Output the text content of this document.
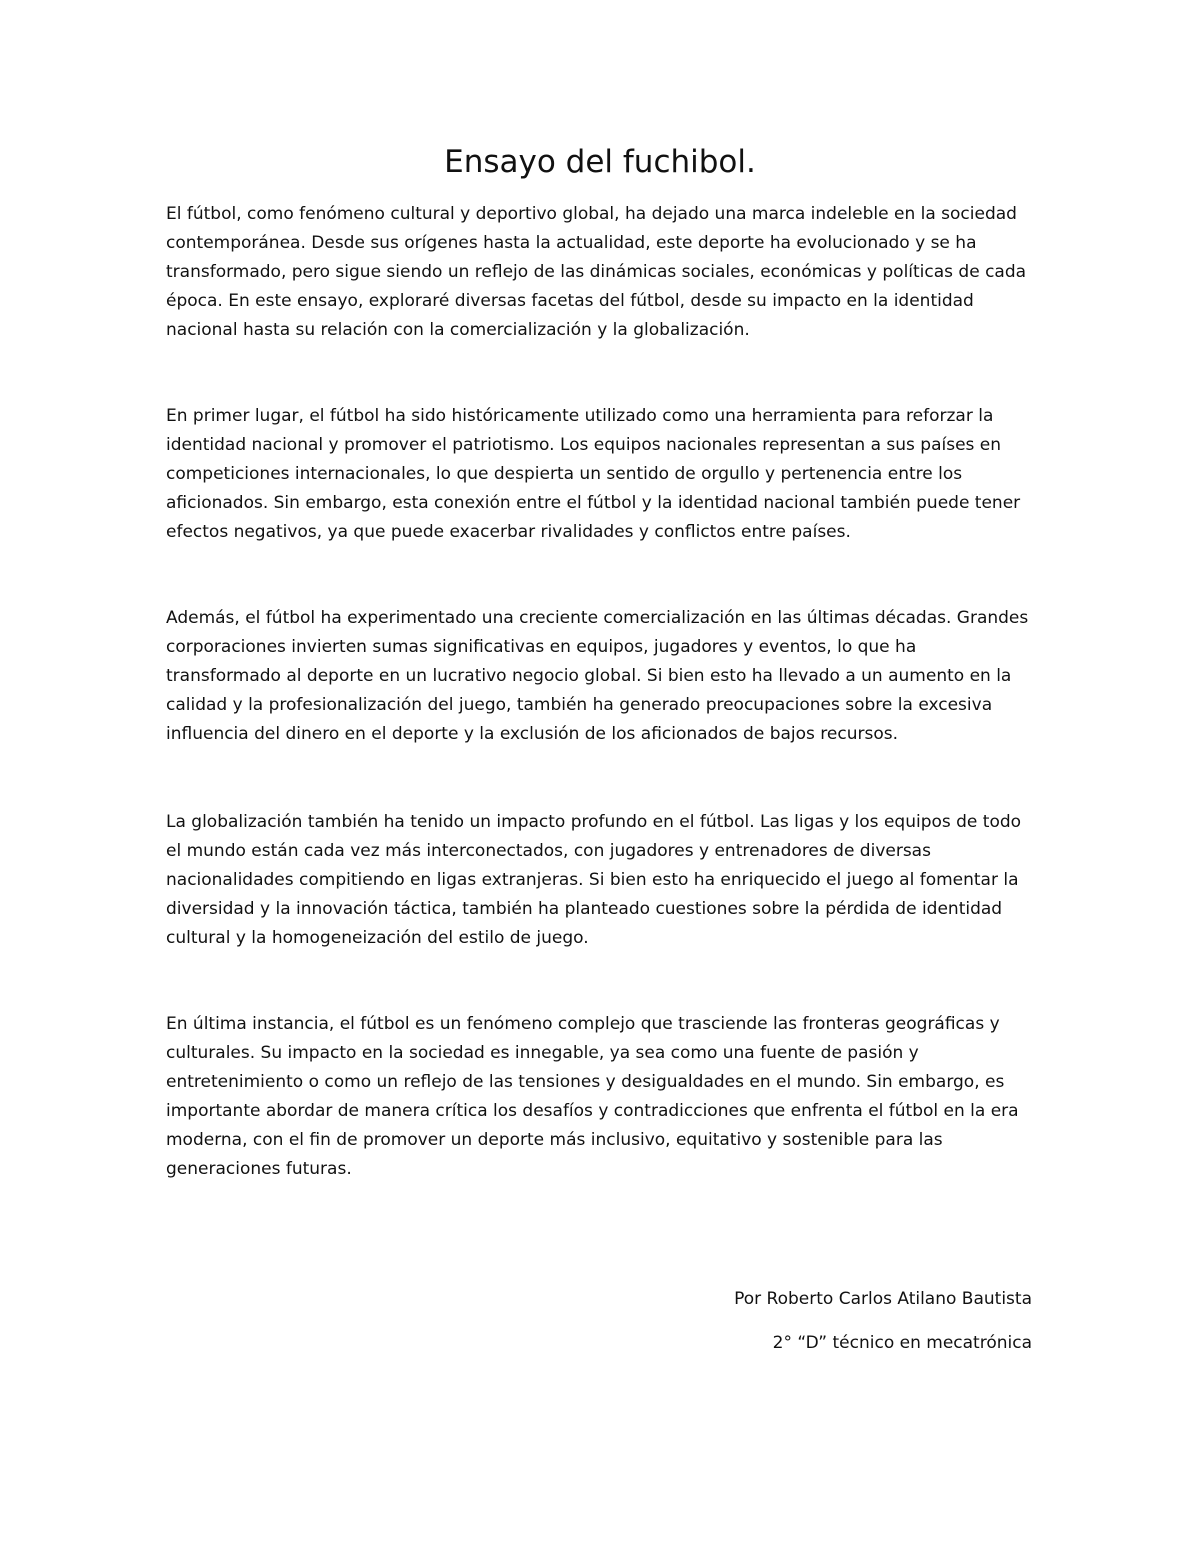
Ensayo del fuchibol.

El fútbol, como fenómeno cultural y deportivo global, ha dejado una marca indeleble en la sociedad contemporánea. Desde sus orígenes hasta la actualidad, este deporte ha evolucionado y se ha transformado, pero sigue siendo un reflejo de las dinámicas sociales, económicas y políticas de cada época. En este ensayo, exploraré diversas facetas del fútbol, desde su impacto en la identidad nacional hasta su relación con la comercialización y la globalización.

En primer lugar, el fútbol ha sido históricamente utilizado como una herramienta para reforzar la identidad nacional y promover el patriotismo. Los equipos nacionales representan a sus países en competiciones internacionales, lo que despierta un sentido de orgullo y pertenencia entre los aficionados. Sin embargo, esta conexión entre el fútbol y la identidad nacional también puede tener efectos negativos, ya que puede exacerbar rivalidades y conflictos entre países.

Además, el fútbol ha experimentado una creciente comercialización en las últimas décadas. Grandes corporaciones invierten sumas significativas en equipos, jugadores y eventos, lo que ha transformado al deporte en un lucrativo negocio global. Si bien esto ha llevado a un aumento en la calidad y la profesionalización del juego, también ha generado preocupaciones sobre la excesiva influencia del dinero en el deporte y la exclusión de los aficionados de bajos recursos.

La globalización también ha tenido un impacto profundo en el fútbol. Las ligas y los equipos de todo el mundo están cada vez más interconectados, con jugadores y entrenadores de diversas nacionalidades compitiendo en ligas extranjeras. Si bien esto ha enriquecido el juego al fomentar la diversidad y la innovación táctica, también ha planteado cuestiones sobre la pérdida de identidad cultural y la homogeneización del estilo de juego.

En última instancia, el fútbol es un fenómeno complejo que trasciende las fronteras geográficas y culturales. Su impacto en la sociedad es innegable, ya sea como una fuente de pasión y entretenimiento o como un reflejo de las tensiones y desigualdades en el mundo. Sin embargo, es importante abordar de manera crítica los desafíos y contradicciones que enfrenta el fútbol en la era moderna, con el fin de promover un deporte más inclusivo, equitativo y sostenible para las generaciones futuras.

Por Roberto Carlos Atilano Bautista

2° “D” técnico en mecatrónica
